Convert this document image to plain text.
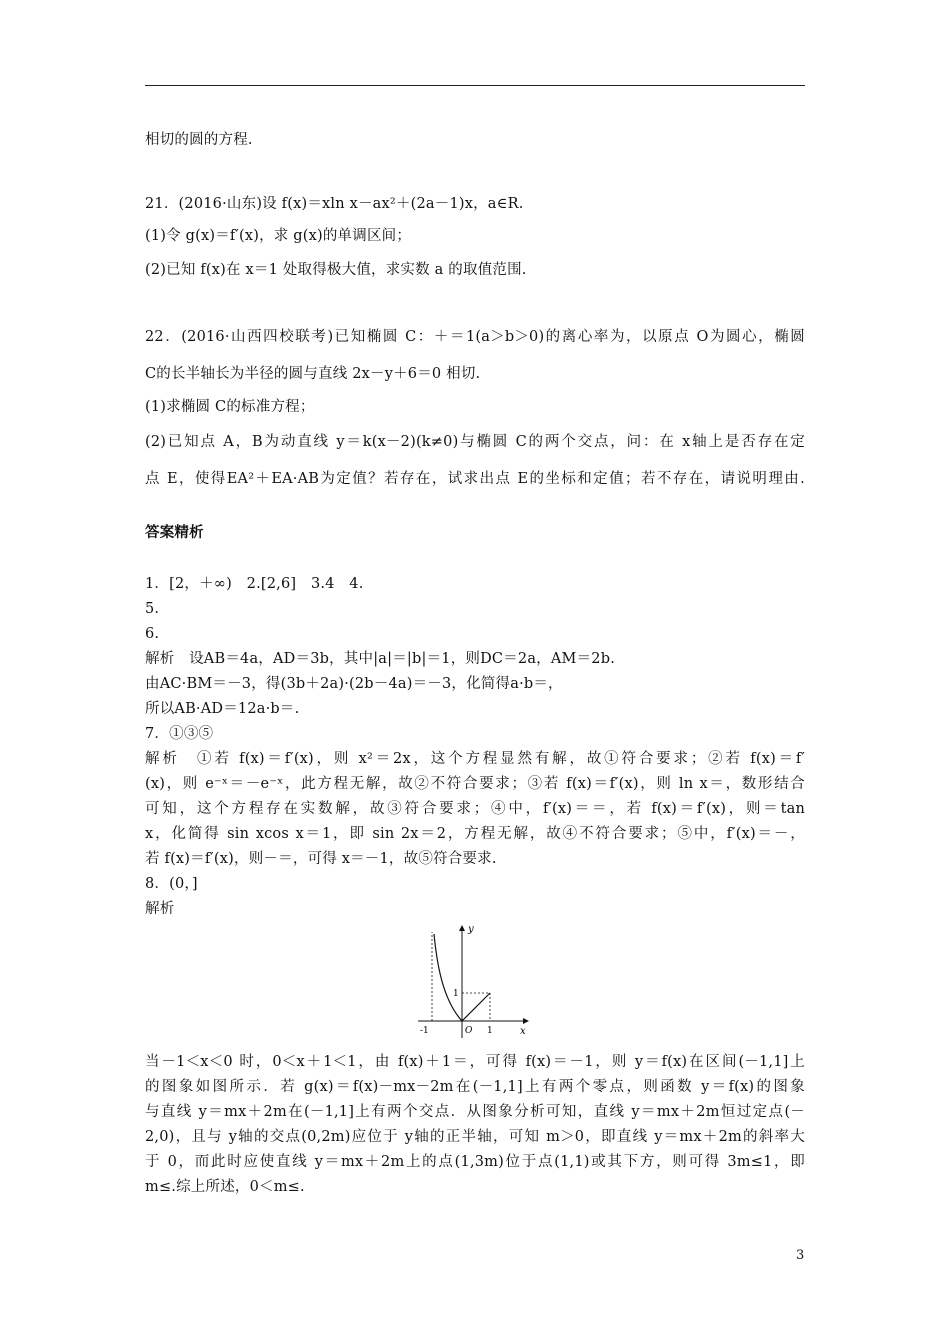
相切的圆的方程.
21．(2016·山东)设 f(x)＝xln x－ax²＋(2a－1)x，a∈R.
(1)令 g(x)＝f′(x)，求 g(x)的单调区间；
(2)已知 f(x)在 x＝1 处取得极大值，求实数 a 的取值范围.
22．(2016·山西四校联考)已知椭圆 C：＋＝1(a＞b＞0)的离心率为，以原点 O为圆心，椭圆
C的长半轴长为半径的圆与直线 2x－y＋6＝0 相切.
(1)求椭圆 C的标准方程；
(2)已知点 A，B为动直线 y＝k(x－2)(k≠0)与椭圆 C的两个交点，问：在 x轴上是否存在定
点 E，使得EA²＋EA·AB为定值？若存在，试求出点 E的坐标和定值；若不存在，请说明理由.
答案精析
1．[2，＋∞)　2.[2,6]　3.4　4.
5.
6.
解析　设AB＝4a，AD＝3b，其中|a|＝|b|＝1，则DC＝2a，AM＝2b.
由AC·BM＝－3，得(3b＋2a)·(2b－4a)＝－3，化简得a·b＝，
所以AB·AD＝12a·b＝.
7．①③⑤
解析　①若 f(x)＝f′(x)，则 x²＝2x，这个方程显然有解，故①符合要求；②若 f(x)＝f′
(x)，则 e⁻ˣ＝－e⁻ˣ，此方程无解，故②不符合要求；③若 f(x)＝f′(x)，则 ln x＝，数形结合
可知，这个方程存在实数解，故③符合要求；④中，f′(x)＝＝，若 f(x)＝f′(x)，则＝tan
x，化简得 sin xcos x＝1，即 sin 2x＝2，方程无解，故④不符合要求；⑤中，f′(x)＝－，
若 f(x)＝f′(x)，则－＝，可得 x＝－1，故⑤符合要求.
8．(0，]
解析
y
x
1
1
-1	O
当－1＜x＜0 时，0＜x＋1＜1，由 f(x)＋1＝，可得 f(x)＝－1，则 y＝f(x)在区间(－1,1]上
的图象如图所示．若 g(x)＝f(x)－mx－2m在(－1,1]上有两个零点，则函数 y＝f(x)的图象
与直线 y＝mx＋2m在(－1,1]上有两个交点．从图象分析可知，直线 y＝mx＋2m恒过定点(－
2,0)，且与 y轴的交点(0,2m)应位于 y轴的正半轴，可知 m＞0，即直线 y＝mx＋2m的斜率大
于 0，而此时应使直线 y＝mx＋2m上的点(1,3m)位于点(1,1)或其下方，则可得 3m≤1，即
m≤.综上所述，0＜m≤.
3
